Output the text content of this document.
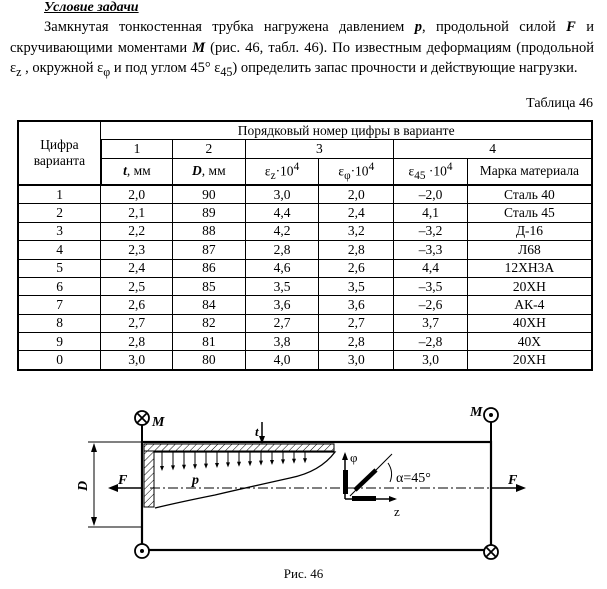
Условие задачи
Замкнутая тонкостенная трубка нагружена давлением p, продольной силой F и скручивающими моментами M (рис. 46, табл. 46). По известным деформациям (продольной $\varepsilon_z$ , окружной $\varepsilon_\varphi$ и под углом 45° $\varepsilon_{45}$) определить запас прочности и действующие нагрузки.
Таблица 46
Цифра варианта	Порядковый номер цифры в варианте					
	1	2	3		4	
	t, мм	D, мм	$\varepsilon_z\cdot 10^4$	$\varepsilon_\varphi\cdot 10^4$	$\varepsilon_{45} \cdot 10^4$	Марка материала
1	2,0	90	3,0	2,0	–2,0	Сталь 40
2	2,1	89	4,4	2,4	4,1	Сталь 45
3	2,2	88	4,2	3,2	–3,2	Д-16
4	2,3	87	2,8	2,8	–3,3	Л68
5	2,4	86	4,6	2,6	4,4	12ХН3А
6	2,5	85	3,5	3,5	–3,5	20ХН
7	2,6	84	3,6	3,6	–2,6	АК-4
8	2,7	82	2,7	2,7	3,7	40ХН
9	2,8	81	3,8	2,8	–2,8	40Х
0	3,0	80	4,0	3,0	3,0	20ХН
M
M
t
p
D F	F
φ
z
α=45°
Рис. 46
